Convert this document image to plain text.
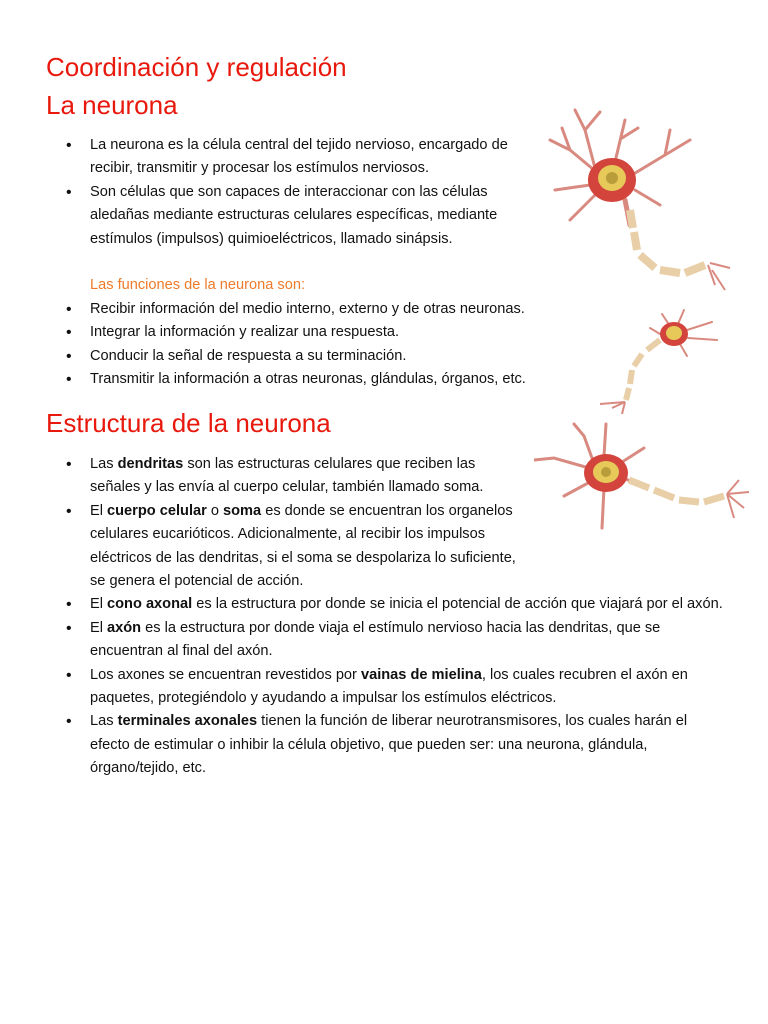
Coordinación y regulación
La neurona
• La neurona es la célula central del tejido nervioso, encargado de recibir, transmitir y procesar los estímulos nerviosos.
• Son células que son capaces de interaccionar con las células aledañas mediante estructuras celulares específicas, mediante estímulos (impulsos) quimioeléctricos, llamado sinápsis.
Las funciones de la neurona son:
• Recibir información del medio interno, externo y de otras neuronas.
• Integrar la información y realizar una respuesta.
• Conducir la señal de respuesta a su terminación.
• Transmitir la información a otras neuronas, glándulas, órganos, etc.
Estructura de la neurona
• Las dendritas son las estructuras celulares que reciben las señales y las envía al cuerpo celular, también llamado soma.
• El cuerpo celular o soma es donde se encuentran los organelos celulares eucarióticos. Adicionalmente, al recibir los impulsos eléctricos de las dendritas, si el soma se despolariza lo suficiente, se genera el potencial de acción.
• El cono axonal es la estructura por donde se inicia el potencial de acción que viajará por el axón.
• El axón es la estructura por donde viaja el estímulo nervioso hacia las dendritas, que se encuentran al final del axón.
• Los axones se encuentran revestidos por vainas de mielina, los cuales recubren el axón en paquetes, protegiéndolo y ayudando a impulsar los estímulos eléctricos.
• Las terminales axonales tienen la función de liberar neurotransmisores, los cuales harán el efecto de estimular o inhibir la célula objetivo, que pueden ser: una neurona, glándula, órgano/tejido, etc.
